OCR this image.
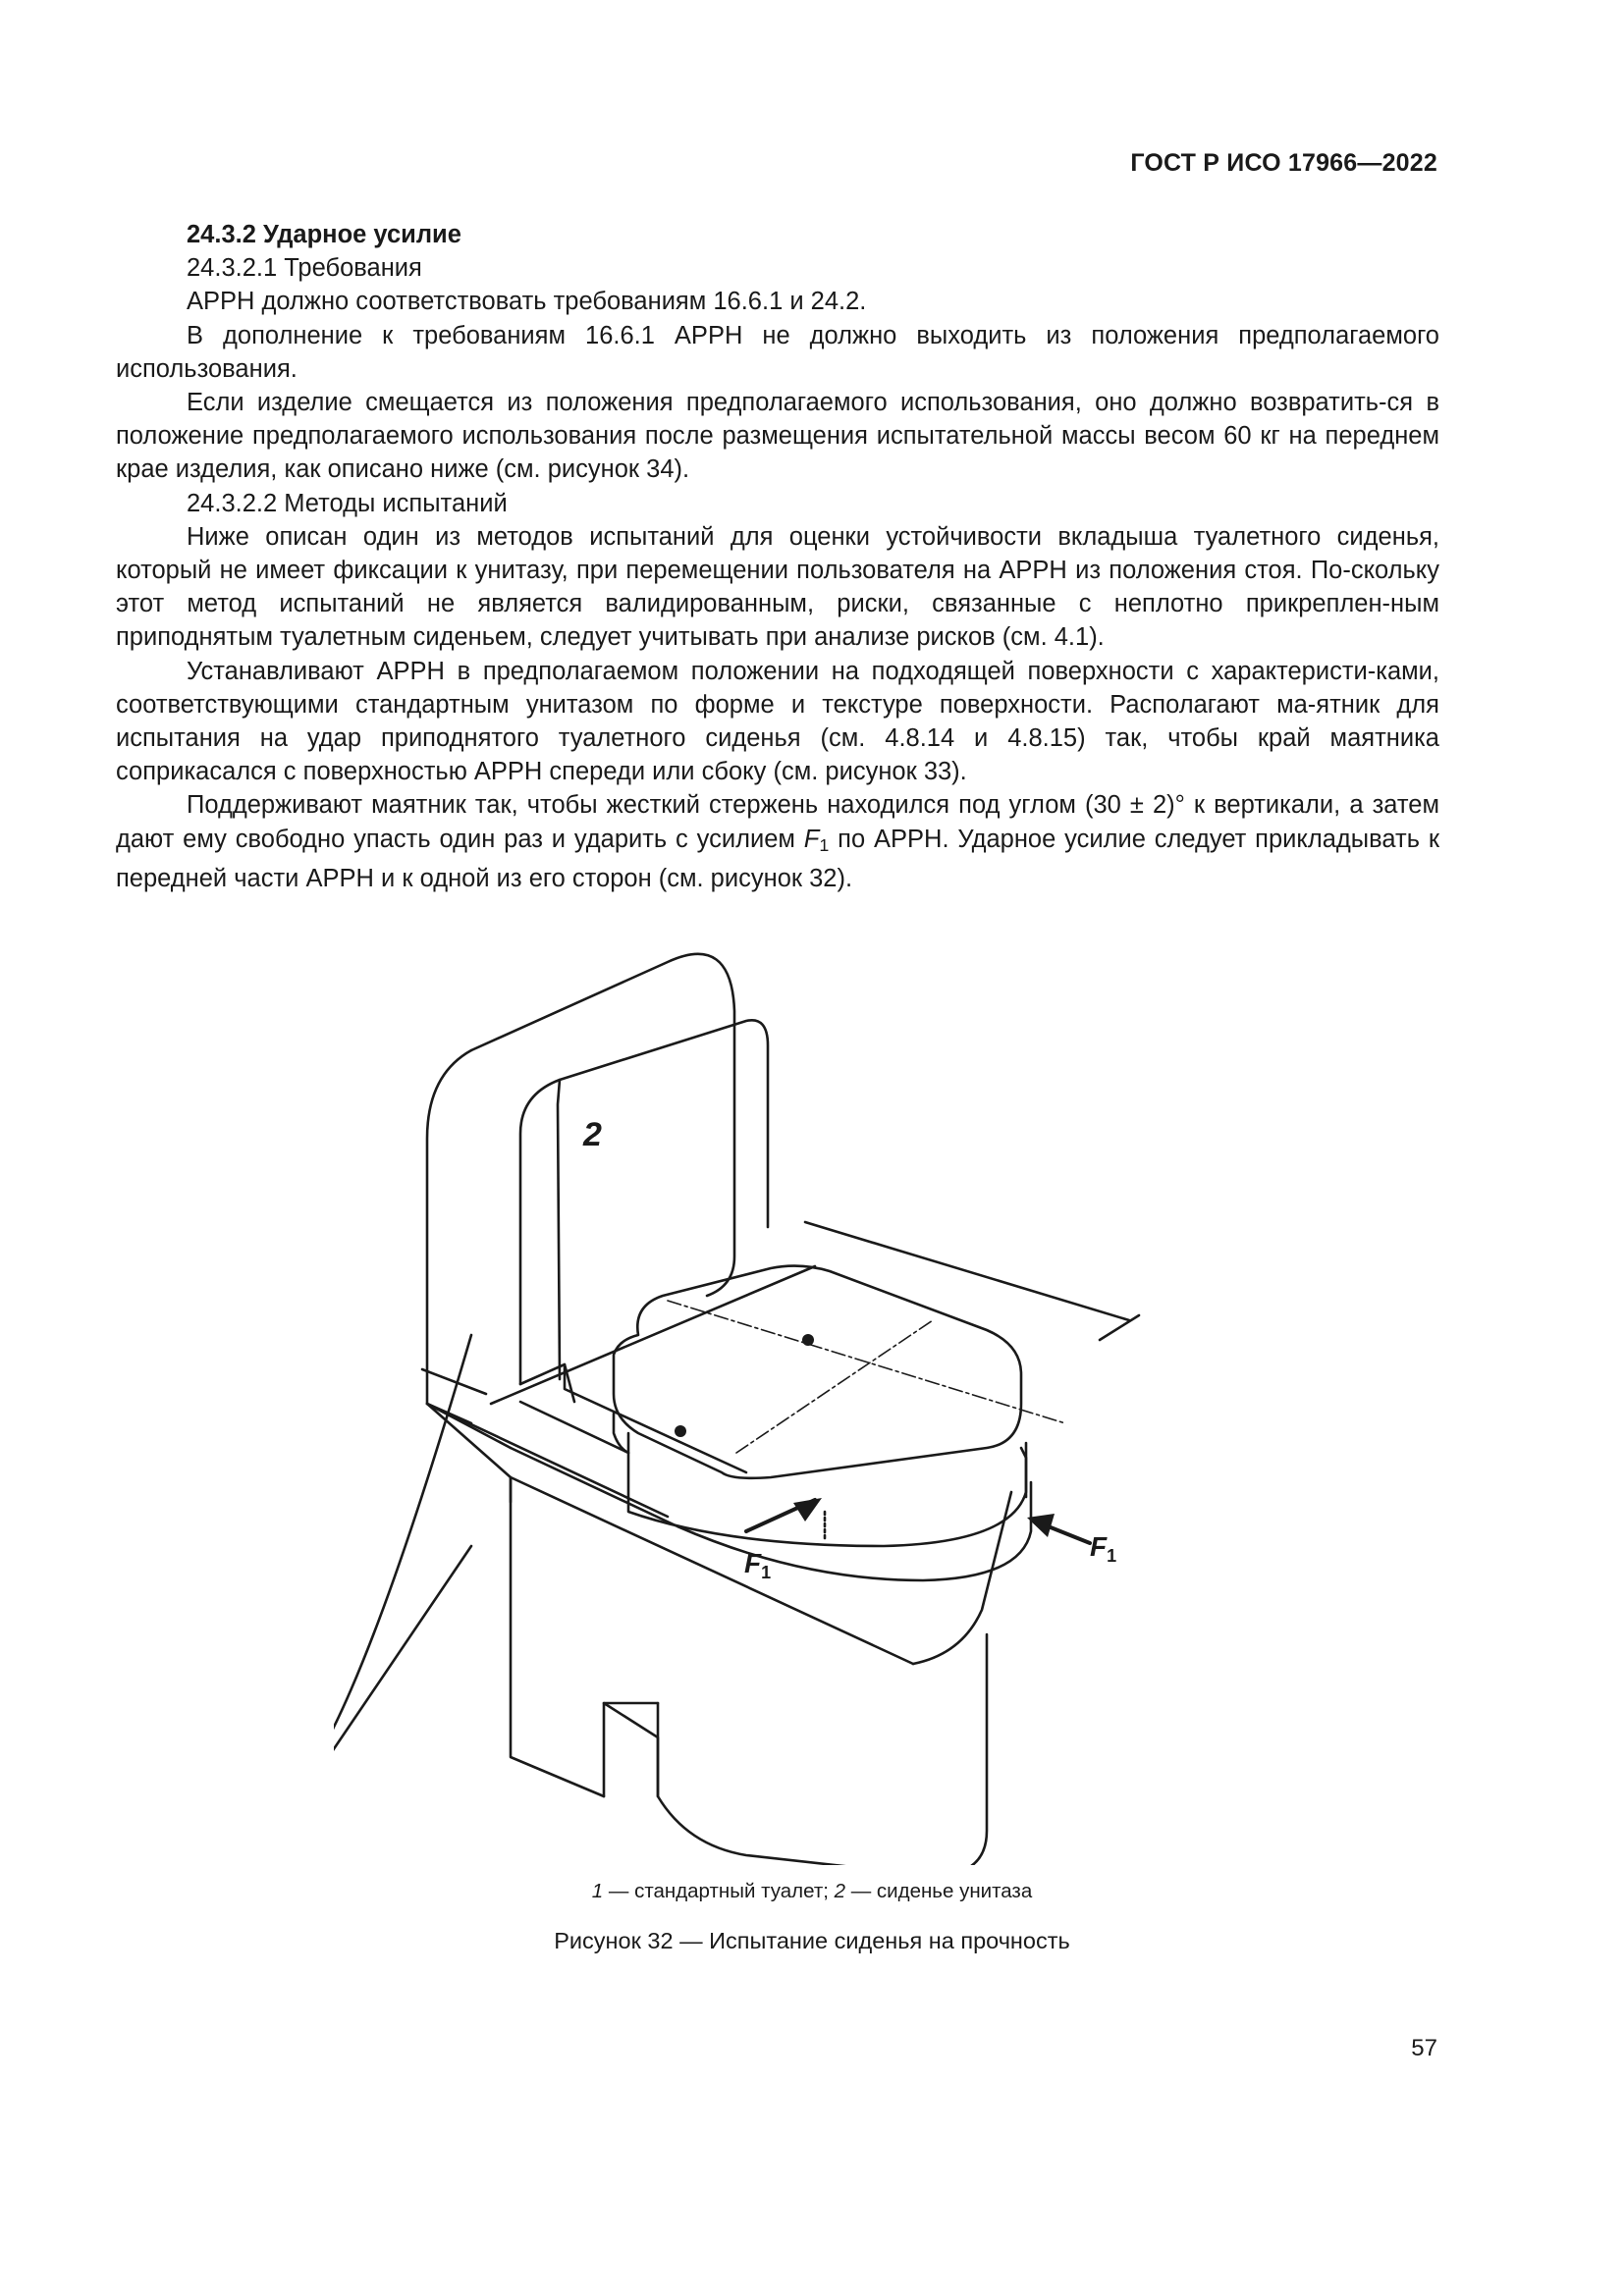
ГОСТ Р ИСО 17966—2022
24.3.2 Ударное усилие
24.3.2.1 Требования
АРРН должно соответствовать требованиям 16.6.1 и 24.2.
В дополнение к требованиям 16.6.1 АРРН не должно выходить из положения предполагаемого использования.
Если изделие смещается из положения предполагаемого использования, оно должно возвратить-ся в положение предполагаемого использования после размещения испытательной массы весом 60 кг на переднем крае изделия, как описано ниже (см. рисунок 34).
24.3.2.2 Методы испытаний
Ниже описан один из методов испытаний для оценки устойчивости вкладыша туалетного сиденья, который не имеет фиксации к унитазу, при перемещении пользователя на АРРН из положения стоя. По-скольку этот метод испытаний не является валидированным, риски, связанные с неплотно прикреплен-ным приподнятым туалетным сиденьем, следует учитывать при анализе рисков (см. 4.1).
Устанавливают АРРН в предполагаемом положении на подходящей поверхности с характеристи-ками, соответствующими стандартным унитазом по форме и текстуре поверхности. Располагают ма-ятник для испытания на удар приподнятого туалетного сиденья (см. 4.8.14 и 4.8.15) так, чтобы край маятника соприкасался с поверхностью АРРН спереди или сбоку (см. рисунок 33).
Поддерживают маятник так, чтобы жесткий стержень находился под углом (30 ± 2)° к вертикали, а затем дают ему свободно упасть один раз и ударить с усилием $F_1$ по АРРН. Ударное усилие следует прикладывать к передней части АРРН и к одной из его сторон (см. рисунок 32).
2
$F_1$
$F_1$
1 — стандартный туалет; 2 — сиденье унитаза
Рисунок 32 — Испытание сиденья на прочность
57
